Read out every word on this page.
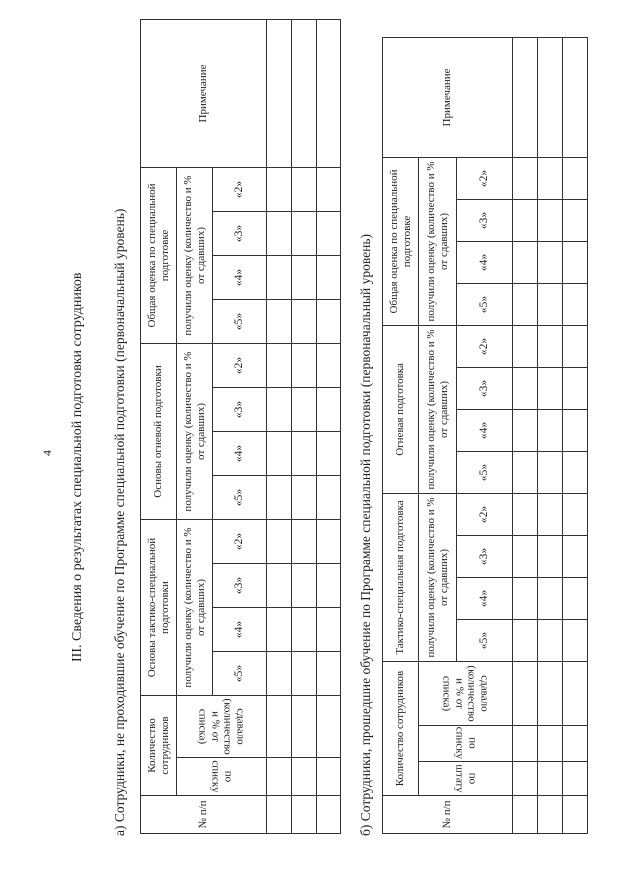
4 III. Сведения о результатах специальной подготовки сотрудников а) Сотрудники, не проходившие обучение по Программе специальной подготовки (первоначальный уровень)	№ п/п	Количество сотрудников		Основы тактико-специальной подготовки				Основы огневой подготовки				Общая оценка по специальной подготовке				Примечание
	по списку	сдавало (количество и % от списка)	получили оценку (количество и % от сдавших)				получили оценку (количество и % от сдавших)				получили оценку (количество и % от сдавших)				
			«5»	«4»	«3»	«2»	«5»	«4»	«3»	«2»	«5»	«4»	«3»	«2»	

б) Сотрудники, прошедшие обучение по Программе специальной подготовки (первоначальный уровень)	№ п/п	Количество сотрудников			Тактико-специальная подготовка				Огневая подготовка				Общая оценка по специальной подготовке				Примечание
	по штату	по списку	сдавало (количество и % от списка)	получили оценку (количество и % от сдавших)				получили оценку (количество и % от сдавших)				получили оценку (количество и % от сдавших)				
				«5»	«4»	«3»	«2»	«5»	«4»	«3»	«2»	«5»	«4»	«3»	«2»	
